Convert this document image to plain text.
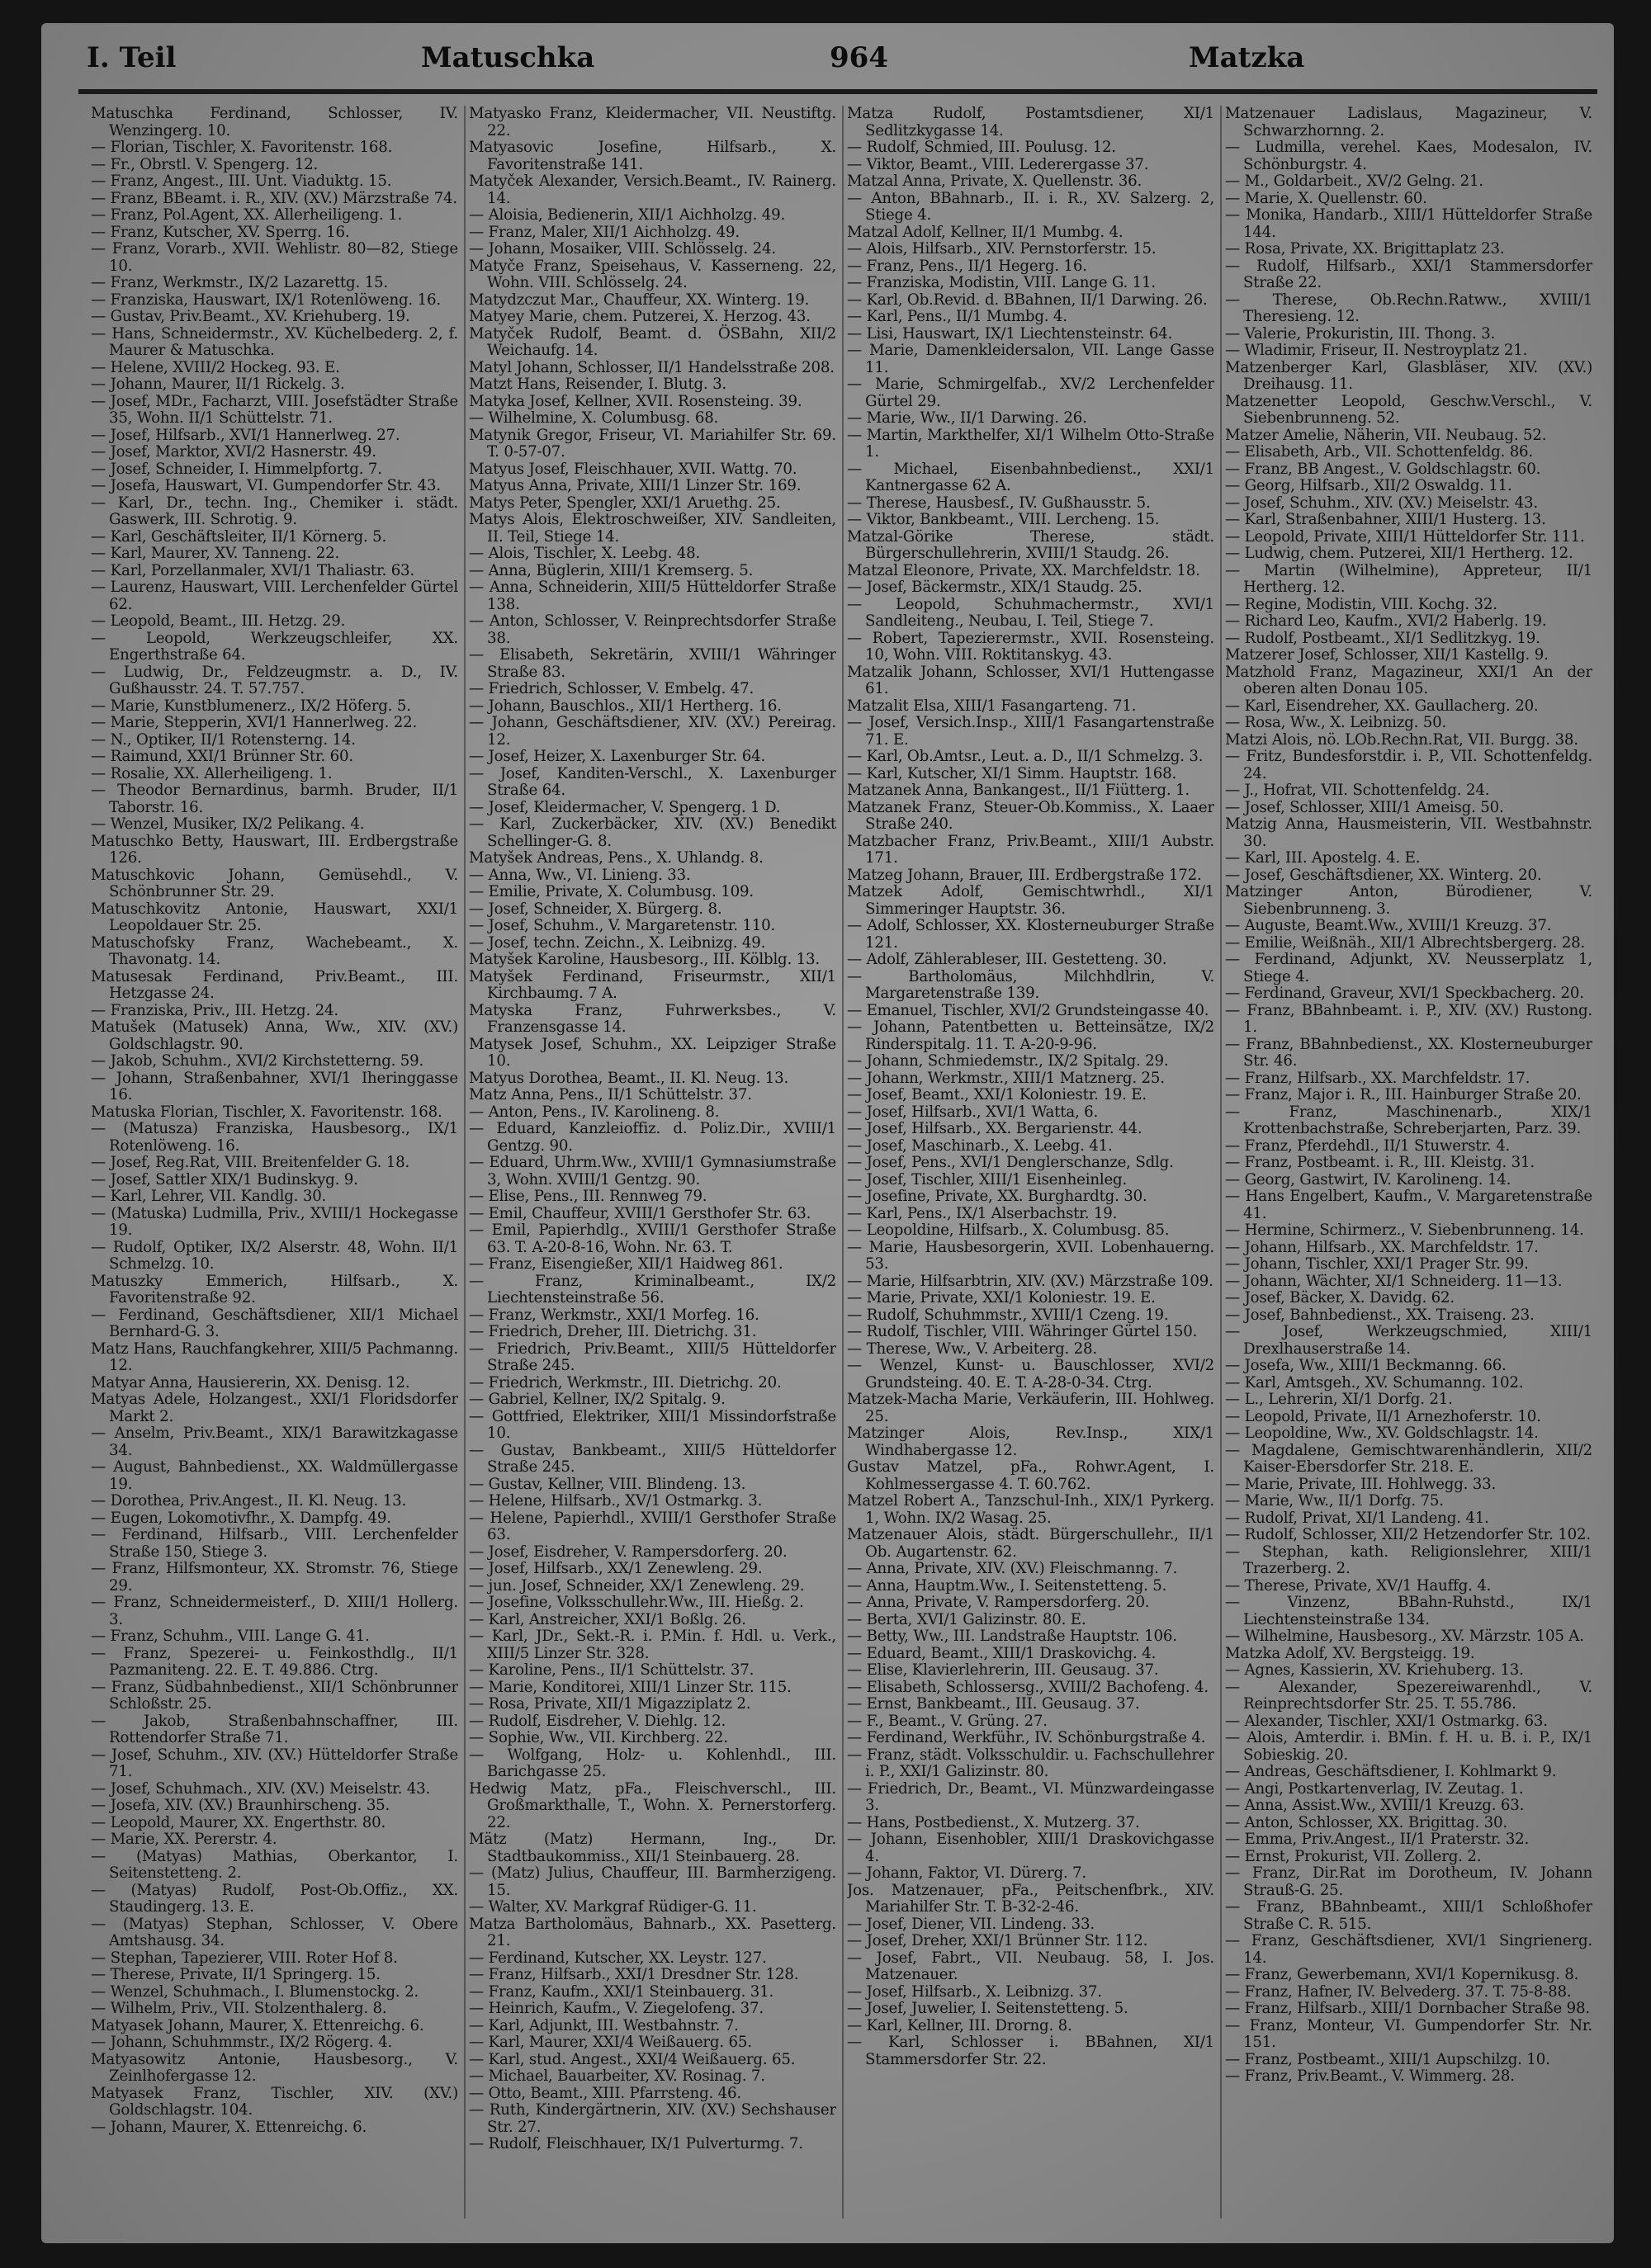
I. Teil	Matuschka	964	Matzka

Matuschka Ferdinand, Schlosser, IV. Wenzingerg. 10.

— Florian, Tischler, X. Favoritenstr. 168.

— Fr., Obrstl. V. Spengerg. 12.

— Franz, Angest., III. Unt. Viaduktg. 15.

— Franz, BBeamt. i. R., XIV. (XV.) Märzstraße 74.

— Franz, Pol.Agent, XX. Allerheiligeng. 1.

— Franz, Kutscher, XV. Sperrg. 16.

— Franz, Vorarb., XVII. Wehlistr. 80—82, Stiege 10.

— Franz, Werkmstr., IX/2 Lazarettg. 15.

— Franziska, Hauswart, IX/1 Rotenlöweng. 16.

— Gustav, Priv.Beamt., XV. Kriehuberg. 19.

— Hans, Schneidermstr., XV. Küchelbederg. 2, f. Maurer & Matuschka.

— Helene, XVIII/2 Hockeg. 93. E.

— Johann, Maurer, II/1 Rickelg. 3.

— Josef, MDr., Facharzt, VIII. Josefstädter Straße 35, Wohn. II/1 Schüttelstr. 71.

— Josef, Hilfsarb., XVI/1 Hannerlweg. 27.

— Josef, Marktor, XVI/2 Hasnerstr. 49.

— Josef, Schneider, I. Himmelpfortg. 7.

— Josefa, Hauswart, VI. Gumpendorfer Str. 43.

— Karl, Dr., techn. Ing., Chemiker i. städt. Gaswerk, III. Schrotig. 9.

— Karl, Geschäftsleiter, II/1 Körnerg. 5.

— Karl, Maurer, XV. Tanneng. 22.

— Karl, Porzellanmaler, XVI/1 Thaliastr. 63.

— Laurenz, Hauswart, VIII. Lerchenfelder Gürtel 62.

— Leopold, Beamt., III. Hetzg. 29.

— Leopold, Werkzeugschleifer, XX. Engerthstraße 64.

— Ludwig, Dr., Feldzeugmstr. a. D., IV. Gußhausstr. 24. T. 57.757.

— Marie, Kunstblumenerz., IX/2 Höferg. 5.

— Marie, Stepperin, XVI/1 Hannerlweg. 22.

— N., Optiker, II/1 Rotensterng. 14.

— Raimund, XXI/1 Brünner Str. 60.

— Rosalie, XX. Allerheiligeng. 1.

— Theodor Bernardinus, barmh. Bruder, II/1 Taborstr. 16.

— Wenzel, Musiker, IX/2 Pelikang. 4.

Matuschko Betty, Hauswart, III. Erdbergstraße 126.

Matuschkovic Johann, Gemüsehdl., V. Schönbrunner Str. 29.

Matuschkovitz Antonie, Hauswart, XXI/1 Leopoldauer Str. 25.

Matuschofsky Franz, Wachebeamt., X. Thavonatg. 14.

Matusesak Ferdinand, Priv.Beamt., III. Hetzgasse 24.

— Franziska, Priv., III. Hetzg. 24.

Matušek (Matusek) Anna, Ww., XIV. (XV.) Goldschlagstr. 90.

— Jakob, Schuhm., XVI/2 Kirchstetterng. 59.

— Johann, Straßenbahner, XVI/1 Iheringgasse 16.

Matuska Florian, Tischler, X. Favoritenstr. 168.

— (Matusza) Franziska, Hausbesorg., IX/1 Rotenlöweng. 16.

— Josef, Reg.Rat, VIII. Breitenfelder G. 18.

— Josef, Sattler XIX/1 Budinskyg. 9.

— Karl, Lehrer, VII. Kandlg. 30.

— (Matuska) Ludmilla, Priv., XVIII/1 Hockegasse 19.

— Rudolf, Optiker, IX/2 Alserstr. 48, Wohn. II/1 Schmelzg. 10.

Matuszky Emmerich, Hilfsarb., X. Favoritenstraße 92.

— Ferdinand, Geschäftsdiener, XII/1 Michael Bernhard-G. 3.

Matz Hans, Rauchfangkehrer, XIII/5 Pachmanng. 12.

Matyar Anna, Hausiererin, XX. Denisg. 12.

Matyas Adele, Holzangest., XXI/1 Floridsdorfer Markt 2.

— Anselm, Priv.Beamt., XIX/1 Barawitzkagasse 34.

— August, Bahnbedienst., XX. Waldmüllergasse 19.

— Dorothea, Priv.Angest., II. Kl. Neug. 13.

— Eugen, Lokomotivfhr., X. Dampfg. 49.

— Ferdinand, Hilfsarb., VIII. Lerchenfelder Straße 150, Stiege 3.

— Franz, Hilfsmonteur, XX. Stromstr. 76, Stiege 29.

— Franz, Schneidermeisterf., D. XIII/1 Hollerg. 3.

— Franz, Schuhm., VIII. Lange G. 41.

— Franz, Spezerei- u. Feinkosthdlg., II/1 Pazmaniteng. 22. E. T. 49.886. Ctrg.

— Franz, Südbahnbedienst., XII/1 Schönbrunner Schloßstr. 25.

— Jakob, Straßenbahnschaffner, III. Rottendorfer Straße 71.

— Josef, Schuhm., XIV. (XV.) Hütteldorfer Straße 71.

— Josef, Schuhmach., XIV. (XV.) Meiselstr. 43.

— Josefa, XIV. (XV.) Braunhirscheng. 35.

— Leopold, Maurer, XX. Engerthstr. 80.

— Marie, XX. Pererstr. 4.

— (Matyas) Mathias, Oberkantor, I. Seitenstetteng. 2.

— (Matyas) Rudolf, Post-Ob.Offiz., XX. Staudingerg. 13. E.

— (Matyas) Stephan, Schlosser, V. Obere Amtshausg. 34.

— Stephan, Tapezierer, VIII. Roter Hof 8.

— Therese, Private, II/1 Springerg. 15.

— Wenzel, Schuhmach., I. Blumenstockg. 2.

— Wilhelm, Priv., VII. Stolzenthalerg. 8.

Matyasek Johann, Maurer, X. Ettenreichg. 6.

— Johann, Schuhmmstr., IX/2 Rögerg. 4.

Matyasowitz Antonie, Hausbesorg., V. Zeinlhofergasse 12.

Matyasek Franz, Tischler, XIV. (XV.) Goldschlagstr. 104.

— Johann, Maurer, X. Ettenreichg. 6.

Matyasko Franz, Kleidermacher, VII. Neustiftg. 22.

Matyasovic Josefine, Hilfsarb., X. Favoritenstraße 141.

Matyček Alexander, Versich.Beamt., IV. Rainerg. 14.

— Aloisia, Bedienerin, XII/1 Aichholzg. 49.

— Franz, Maler, XII/1 Aichholzg. 49.

— Johann, Mosaiker, VIII. Schlösselg. 24.

Matyče Franz, Speisehaus, V. Kasserneng. 22, Wohn. VIII. Schlösselg. 24.

Matydzczut Mar., Chauffeur, XX. Winterg. 19.

Matyey Marie, chem. Putzerei, X. Herzog. 43.

Matyček Rudolf, Beamt. d. ÖSBahn, XII/2 Weichaufg. 14.

Matyl Johann, Schlosser, II/1 Handelsstraße 208.

Matzt Hans, Reisender, I. Blutg. 3.

Matyka Josef, Kellner, XVII. Rosensteing. 39.

— Wilhelmine, X. Columbusg. 68.

Matynik Gregor, Friseur, VI. Mariahilfer Str. 69. T. 0-57-07.

Matyus Josef, Fleischhauer, XVII. Wattg. 70.

Matyus Anna, Private, XIII/1 Linzer Str. 169.

Matys Peter, Spengler, XXI/1 Aruethg. 25.

Matys Alois, Elektroschweißer, XIV. Sandleiten, II. Teil, Stiege 14.

— Alois, Tischler, X. Leebg. 48.

— Anna, Büglerin, XIII/1 Kremserg. 5.

— Anna, Schneiderin, XIII/5 Hütteldorfer Straße 138.

— Anton, Schlosser, V. Reinprechtsdorfer Straße 38.

— Elisabeth, Sekretärin, XVIII/1 Währinger Straße 83.

— Friedrich, Schlosser, V. Embelg. 47.

— Johann, Bauschlos., XII/1 Hertherg. 16.

— Johann, Geschäftsdiener, XIV. (XV.) Pereirag. 12.

— Josef, Heizer, X. Laxenburger Str. 64.

— Josef, Kanditen-Verschl., X. Laxenburger Straße 64.

— Josef, Kleidermacher, V. Spengerg. 1 D.

— Karl, Zuckerbäcker, XIV. (XV.) Benedikt Schellinger-G. 8.

Matyšek Andreas, Pens., X. Uhlandg. 8.

— Anna, Ww., VI. Linieng. 33.

— Emilie, Private, X. Columbusg. 109.

— Josef, Schneider, X. Bürgerg. 8.

— Josef, Schuhm., V. Margaretenstr. 110.

— Josef, techn. Zeichn., X. Leibnizg. 49.

Matyšek Karoline, Hausbesorg., III. Kölblg. 13.

Matyšek Ferdinand, Friseurmstr., XII/1 Kirchbaumg. 7 A.

Matyska Franz, Fuhrwerksbes., V. Franzensgasse 14.

Matysek Josef, Schuhm., XX. Leipziger Straße 10.

Matyus Dorothea, Beamt., II. Kl. Neug. 13.

Matz Anna, Pens., II/1 Schüttelstr. 37.

— Anton, Pens., IV. Karolineng. 8.

— Eduard, Kanzleioffiz. d. Poliz.Dir., XVIII/1 Gentzg. 90.

— Eduard, Uhrm.Ww., XVIII/1 Gymnasiumstraße 3, Wohn. XVIII/1 Gentzg. 90.

— Elise, Pens., III. Rennweg 79.

— Emil, Chauffeur, XVIII/1 Gersthofer Str. 63.

— Emil, Papierhdlg., XVIII/1 Gersthofer Straße 63. T. A-20-8-16, Wohn. Nr. 63. T.

— Franz, Eisengießer, XII/1 Haidweg 861.

— Franz, Kriminalbeamt., IX/2 Liechtensteinstraße 56.

— Franz, Werkmstr., XXI/1 Morfeg. 16.

— Friedrich, Dreher, III. Dietrichg. 31.

— Friedrich, Priv.Beamt., XIII/5 Hütteldorfer Straße 245.

— Friedrich, Werkmstr., III. Dietrichg. 20.

— Gabriel, Kellner, IX/2 Spitalg. 9.

— Gottfried, Elektriker, XIII/1 Missindorfstraße 10.

— Gustav, Bankbeamt., XIII/5 Hütteldorfer Straße 245.

— Gustav, Kellner, VIII. Blindeng. 13.

— Helene, Hilfsarb., XV/1 Ostmarkg. 3.

— Helene, Papierhdl., XVIII/1 Gersthofer Straße 63.

— Josef, Eisdreher, V. Rampersdorferg. 20.

— Josef, Hilfsarb., XX/1 Zenewleng. 29.

— jun. Josef, Schneider, XX/1 Zenewleng. 29.

— Josefine, Volksschullehr.Ww., III. Hießg. 2.

— Karl, Anstreicher, XXI/1 Boßlg. 26.

— Karl, JDr., Sekt.-R. i. P.Min. f. Hdl. u. Verk., XIII/5 Linzer Str. 328.

— Karoline, Pens., II/1 Schüttelstr. 37.

— Marie, Konditorei, XIII/1 Linzer Str. 115.

— Rosa, Private, XII/1 Migazziplatz 2.

— Rudolf, Eisdreher, V. Diehlg. 12.

— Sophie, Ww., VII. Kirchberg. 22.

— Wolfgang, Holz- u. Kohlenhdl., III. Barichgasse 25.

Hedwig Matz, pFa., Fleischverschl., III. Großmarkthalle, T., Wohn. X. Pernerstorferg. 22.

Mätz (Matz) Hermann, Ing., Dr. Stadtbaukommiss., XII/1 Steinbauerg. 28.

— (Matz) Julius, Chauffeur, III. Barmherzigeng. 15.

— Walter, XV. Markgraf Rüdiger-G. 11.

Matza Bartholomäus, Bahnarb., XX. Pasetterg. 21.

— Ferdinand, Kutscher, XX. Leystr. 127.

— Franz, Hilfsarb., XXI/1 Dresdner Str. 128.

— Franz, Kaufm., XXI/1 Steinbauerg. 31.

— Heinrich, Kaufm., V. Ziegelofeng. 37.

— Karl, Adjunkt, III. Westbahnstr. 7.

— Karl, Maurer, XXI/4 Weißauerg. 65.

— Karl, stud. Angest., XXI/4 Weißauerg. 65.

— Michael, Bauarbeiter, XV. Rosinag. 7.

— Otto, Beamt., XIII. Pfarrsteng. 46.

— Ruth, Kindergärtnerin, XIV. (XV.) Sechshauser Str. 27.

— Rudolf, Fleischhauer, IX/1 Pulverturmg. 7.

Matza Rudolf, Postamtsdiener, XI/1 Sedlitzkygasse 14.

— Rudolf, Schmied, III. Poulusg. 12.

— Viktor, Beamt., VIII. Lederergasse 37.

Matzal Anna, Private, X. Quellenstr. 36.

— Anton, BBahnarb., II. i. R., XV. Salzerg. 2, Stiege 4.

Matzal Adolf, Kellner, II/1 Mumbg. 4.

— Alois, Hilfsarb., XIV. Pernstorferstr. 15.

— Franz, Pens., II/1 Hegerg. 16.

— Franziska, Modistin, VIII. Lange G. 11.

— Karl, Ob.Revid. d. BBahnen, II/1 Darwing. 26.

— Karl, Pens., II/1 Mumbg. 4.

— Lisi, Hauswart, IX/1 Liechtensteinstr. 64.

— Marie, Damenkleidersalon, VII. Lange Gasse 11.

— Marie, Schmirgelfab., XV/2 Lerchenfelder Gürtel 29.

— Marie, Ww., II/1 Darwing. 26.

— Martin, Markthelfer, XI/1 Wilhelm Otto-Straße 1.

— Michael, Eisenbahnbedienst., XXI/1 Kantnergasse 62 A.

— Therese, Hausbesf., IV. Gußhausstr. 5.

— Viktor, Bankbeamt., VIII. Lercheng. 15.

Matzal-Görike Therese, städt. Bürgerschullehrerin, XVIII/1 Staudg. 26.

Matzal Eleonore, Private, XX. Marchfeldstr. 18.

— Josef, Bäckermstr., XIX/1 Staudg. 25.

— Leopold, Schuhmachermstr., XVI/1 Sandleiteng., Neubau, I. Teil, Stiege 7.

— Robert, Tapezierermstr., XVII. Rosensteing. 10, Wohn. VIII. Roktitanskyg. 43.

Matzalik Johann, Schlosser, XVI/1 Huttengasse 61.

Matzalit Elsa, XIII/1 Fasangarteng. 71.

— Josef, Versich.Insp., XIII/1 Fasangartenstraße 71. E.

— Karl, Ob.Amtsr., Leut. a. D., II/1 Schmelzg. 3.

— Karl, Kutscher, XI/1 Simm. Hauptstr. 168.

Matzanek Anna, Bankangest., II/1 Fiütterg. 1.

Matzanek Franz, Steuer-Ob.Kommiss., X. Laaer Straße 240.

Matzbacher Franz, Priv.Beamt., XIII/1 Aubstr. 171.

Matzeg Johann, Brauer, III. Erdbergstraße 172.

Matzek Adolf, Gemischtwrhdl., XI/1 Simmeringer Hauptstr. 36.

— Adolf, Schlosser, XX. Klosterneuburger Straße 121.

— Adolf, Zählerableser, III. Gestetteng. 30.

— Bartholomäus, Milchhdlrin, V. Margaretenstraße 139.

— Emanuel, Tischler, XVI/2 Grundsteingasse 40.

— Johann, Patentbetten u. Betteinsätze, IX/2 Rinderspitalg. 11. T. A-20-9-96.

— Johann, Schmiedemstr., IX/2 Spitalg. 29.

— Johann, Werkmstr., XIII/1 Matznerg. 25.

— Josef, Beamt., XXI/1 Koloniestr. 19. E.

— Josef, Hilfsarb., XVI/1 Watta, 6.

— Josef, Hilfsarb., XX. Bergarienstr. 44.

— Josef, Maschinarb., X. Leebg. 41.

— Josef, Pens., XVI/1 Denglerschanze, Sdlg.

— Josef, Tischler, XIII/1 Eisenheinleg.

— Josefine, Private, XX. Burghardtg. 30.

— Karl, Pens., IX/1 Alserbachstr. 19.

— Leopoldine, Hilfsarb., X. Columbusg. 85.

— Marie, Hausbesorgerin, XVII. Lobenhauerng. 53.

— Marie, Hilfsarbtrin, XIV. (XV.) Märzstraße 109.

— Marie, Private, XXI/1 Koloniestr. 19. E.

— Rudolf, Schuhmmstr., XVIII/1 Czeng. 19.

— Rudolf, Tischler, VIII. Währinger Gürtel 150.

— Therese, Ww., V. Arbeiterg. 28.

— Wenzel, Kunst- u. Bauschlosser, XVI/2 Grundsteing. 40. E. T. A-28-0-34. Ctrg.

Matzek-Macha Marie, Verkäuferin, III. Hohlweg. 25.

Matzinger Alois, Rev.Insp., XIX/1 Windhabergasse 12.

Gustav Matzel, pFa., Rohwr.Agent, I. Kohlmessergasse 4. T. 60.762.

Matzel Robert A., Tanzschul-Inh., XIX/1 Pyrkerg. 1, Wohn. IX/2 Wasag. 25.

Matzenauer Alois, städt. Bürgerschullehr., II/1 Ob. Augartenstr. 62.

— Anna, Private, XIV. (XV.) Fleischmanng. 7.

— Anna, Hauptm.Ww., I. Seitenstetteng. 5.

— Anna, Private, V. Rampersdorferg. 20.

— Berta, XVI/1 Galizinstr. 80. E.

— Betty, Ww., III. Landstraße Hauptstr. 106.

— Eduard, Beamt., XIII/1 Draskovichg. 4.

— Elise, Klavierlehrerin, III. Geusaug. 37.

— Elisabeth, Schlossersg., XVIII/2 Bachofeng. 4.

— Ernst, Bankbeamt., III. Geusaug. 37.

— F., Beamt., V. Grüng. 27.

— Ferdinand, Werkführ., IV. Schönburgstraße 4.

— Franz, städt. Volksschuldir. u. Fachschullehrer i. P., XXI/1 Galizinstr. 80.

— Friedrich, Dr., Beamt., VI. Münzwardeingasse 3.

— Hans, Postbedienst., X. Mutzerg. 37.

— Johann, Eisenhobler, XIII/1 Draskovichgasse 4.

— Johann, Faktor, VI. Dürerg. 7.

Jos. Matzenauer, pFa., Peitschenfbrk., XIV. Mariahilfer Str. T. B-32-2-46.

— Josef, Diener, VII. Lindeng. 33.

— Josef, Dreher, XXI/1 Brünner Str. 112.

— Josef, Fabrt., VII. Neubaug. 58, I. Jos. Matzenauer.

— Josef, Hilfsarb., X. Leibnizg. 37.

— Josef, Juwelier, I. Seitenstetteng. 5.

— Karl, Kellner, III. Drorng. 8.

— Karl, Schlosser i. BBahnen, XI/1 Stammersdorfer Str. 22.

Matzenauer Ladislaus, Magazineur, V. Schwarzhornng. 2.

— Ludmilla, verehel. Kaes, Modesalon, IV. Schönburgstr. 4.

— M., Goldarbeit., XV/2 Gelng. 21.

— Marie, X. Quellenstr. 60.

— Monika, Handarb., XIII/1 Hütteldorfer Straße 144.

— Rosa, Private, XX. Brigittaplatz 23.

— Rudolf, Hilfsarb., XXI/1 Stammersdorfer Straße 22.

— Therese, Ob.Rechn.Ratww., XVIII/1 Theresieng. 12.

— Valerie, Prokuristin, III. Thong. 3.

— Wladimir, Friseur, II. Nestroyplatz 21.

Matzenberger Karl, Glasbläser, XIV. (XV.) Dreihausg. 11.

Matzenetter Leopold, Geschw.Verschl., V. Siebenbrunneng. 52.

Matzer Amelie, Näherin, VII. Neubaug. 52.

— Elisabeth, Arb., VII. Schottenfeldg. 86.

— Franz, BB Angest., V. Goldschlagstr. 60.

— Georg, Hilfsarb., XII/2 Oswaldg. 11.

— Josef, Schuhm., XIV. (XV.) Meiselstr. 43.

— Karl, Straßenbahner, XIII/1 Husterg. 13.

— Leopold, Private, XIII/1 Hütteldorfer Str. 111.

— Ludwig, chem. Putzerei, XII/1 Hertherg. 12.

— Martin (Wilhelmine), Appreteur, II/1 Hertherg. 12.

— Regine, Modistin, VIII. Kochg. 32.

— Richard Leo, Kaufm., XVI/2 Haberlg. 19.

— Rudolf, Postbeamt., XI/1 Sedlitzkyg. 19.

Matzerer Josef, Schlosser, XII/1 Kastellg. 9.

Matzhold Franz, Magazineur, XXI/1 An der oberen alten Donau 105.

— Karl, Eisendreher, XX. Gaullacherg. 20.

— Rosa, Ww., X. Leibnizg. 50.

Matzi Alois, nö. LOb.Rechn.Rat, VII. Burgg. 38.

— Fritz, Bundesforstdir. i. P., VII. Schottenfeldg. 24.

— J., Hofrat, VII. Schottenfeldg. 24.

— Josef, Schlosser, XIII/1 Ameisg. 50.

Matzig Anna, Hausmeisterin, VII. Westbahnstr. 30.

— Karl, III. Apostelg. 4. E.

— Josef, Geschäftsdiener, XX. Winterg. 20.

Matzinger Anton, Bürodiener, V. Siebenbrunneng. 3.

— Auguste, Beamt.Ww., XVIII/1 Kreuzg. 37.

— Emilie, Weißnäh., XII/1 Albrechtsbergerg. 28.

— Ferdinand, Adjunkt, XV. Neusserplatz 1, Stiege 4.

— Ferdinand, Graveur, XVI/1 Speckbacherg. 20.

— Franz, BBahnbeamt. i. P., XIV. (XV.) Rustong. 1.

— Franz, BBahnbedienst., XX. Klosterneuburger Str. 46.

— Franz, Hilfsarb., XX. Marchfeldstr. 17.

— Franz, Major i. R., III. Hainburger Straße 20.

— Franz, Maschinenarb., XIX/1 Krottenbachstraße, Schreberjarten, Parz. 39.

— Franz, Pferdehdl., II/1 Stuwerstr. 4.

— Franz, Postbeamt. i. R., III. Kleistg. 31.

— Georg, Gastwirt, IV. Karolineng. 14.

— Hans Engelbert, Kaufm., V. Margaretenstraße 41.

— Hermine, Schirmerz., V. Siebenbrunneng. 14.

— Johann, Hilfsarb., XX. Marchfeldstr. 17.

— Johann, Tischler, XXI/1 Prager Str. 99.

— Johann, Wächter, XI/1 Schneiderg. 11—13.

— Josef, Bäcker, X. Davidg. 62.

— Josef, Bahnbedienst., XX. Traiseng. 23.

— Josef, Werkzeugschmied, XIII/1 Drexlhauserstraße 14.

— Josefa, Ww., XIII/1 Beckmanng. 66.

— Karl, Amtsgeh., XV. Schumanng. 102.

— L., Lehrerin, XI/1 Dorfg. 21.

— Leopold, Private, II/1 Arnezhoferstr. 10.

— Leopoldine, Ww., XV. Goldschlagstr. 14.

— Magdalene, Gemischtwarenhändlerin, XII/2 Kaiser-Ebersdorfer Str. 218. E.

— Marie, Private, III. Hohlwegg. 33.

— Marie, Ww., II/1 Dorfg. 75.

— Rudolf, Privat, XI/1 Landeng. 41.

— Rudolf, Schlosser, XII/2 Hetzendorfer Str. 102.

— Stephan, kath. Religionslehrer, XIII/1 Trazerberg. 2.

— Therese, Private, XV/1 Hauffg. 4.

— Vinzenz, BBahn-Ruhstd., IX/1 Liechtensteinstraße 134.

— Wilhelmine, Hausbesorg., XV. Märzstr. 105 A.

Matzka Adolf, XV. Bergsteigg. 19.

— Agnes, Kassierin, XV. Kriehuberg. 13.

— Alexander, Spezereiwarenhdl., V. Reinprechtsdorfer Str. 25. T. 55.786.

— Alexander, Tischler, XXI/1 Ostmarkg. 63.

— Alois, Amterdir. i. BMin. f. H. u. B. i. P., IX/1 Sobieskig. 20.

— Andreas, Geschäftsdiener, I. Kohlmarkt 9.

— Angi, Postkartenverlag, IV. Zeutag. 1.

— Anna, Assist.Ww., XVIII/1 Kreuzg. 63.

— Anton, Schlosser, XX. Brigittag. 30.

— Emma, Priv.Angest., II/1 Praterstr. 32.

— Ernst, Prokurist, VII. Zollerg. 2.

— Franz, Dir.Rat im Dorotheum, IV. Johann Strauß-G. 25.

— Franz, BBahnbeamt., XIII/1 Schloßhofer Straße C. R. 515.

— Franz, Geschäftsdiener, XVI/1 Singrienerg. 14.

— Franz, Gewerbemann, XVI/1 Kopernikusg. 8.

— Franz, Hafner, IV. Belvederg. 37. T. 75-8-88.

— Franz, Hilfsarb., XIII/1 Dornbacher Straße 98.

— Franz, Monteur, VI. Gumpendorfer Str. Nr. 151.

— Franz, Postbeamt., XIII/1 Aupschilzg. 10.

— Franz, Priv.Beamt., V. Wimmerg. 28.
